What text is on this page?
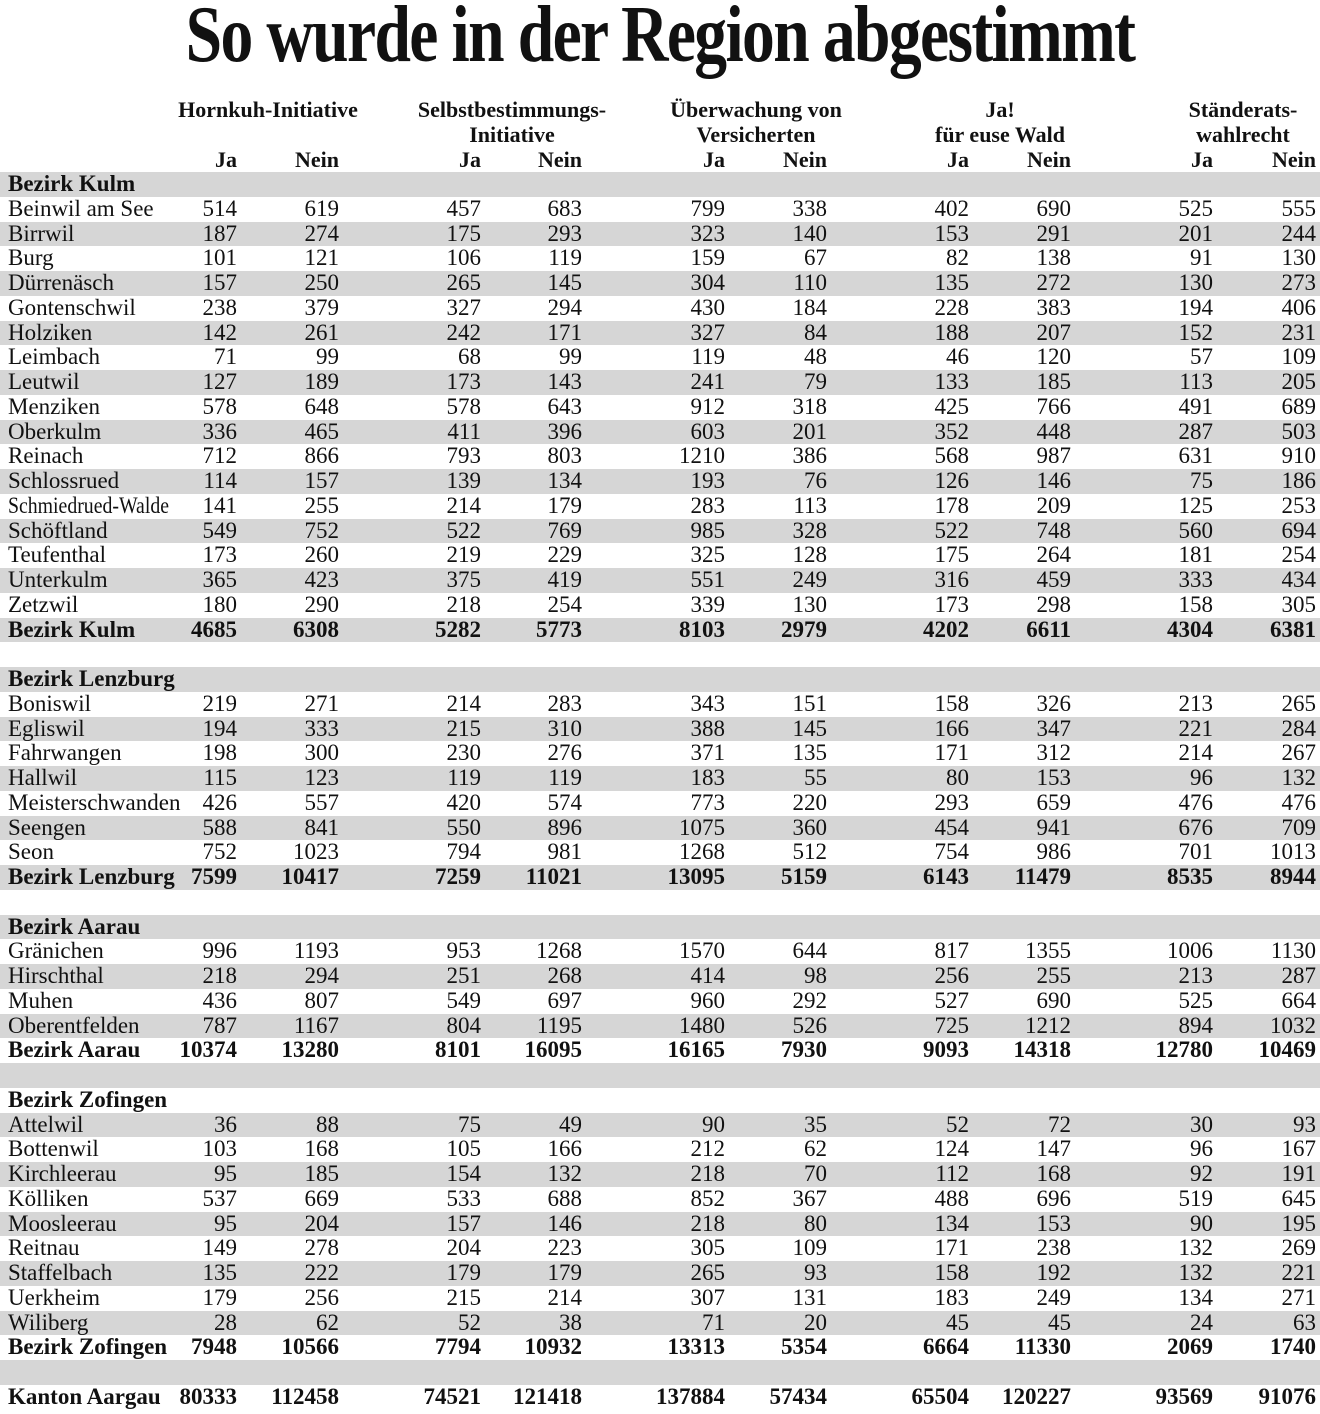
So wurde in der Region abgestimmt
Hornkuh-Initiative	Selbstbestimmungs-
Initiative
Überwachung von
Versicherten
Ja!
für euse Wald
Ständerats-
wahlrecht
Ja	Nein	Ja	Nein	Ja	Nein	Ja	Nein	Ja	Nein
Bezirk Kulm
Beinwil am See 514	619	457	683	799	338	402	690	525	555
Birrwil	187	274	175	293	323	140	153	291	201	244
Burg	101	121	106	119	159	67	82	138	91	130
Dürrenäsch	157	250	265	145	304	110	135	272	130	273
Gontenschwil	238	379	327	294	430	184	228	383	194	406
Holziken	142	261	242	171	327	84	188	207	152	231
Leimbach	71	99	68	99	119	48	46	120	57	109
Leutwil	127	189	173	143	241	79	133	185	113	205
Menziken	578	648	578	643	912	318	425	766	491	689
Oberkulm	336	465	411	396	603	201	352	448	287	503
Reinach	712	866	793	803	1210	386	568	987	631	910
Schlossrued	114	157	139	134	193	76	126	146	75	186
Schmiedrued-Walde 141	255	214	179	283	113	178	209	125	253
Schöftland	549	752	522	769	985	328	522	748	560	694
Teufenthal	173	260	219	229	325	128	175	264	181	254
Unterkulm	365	423	375	419	551	249	316	459	333	434
Zetzwil	180	290	218	254	339	130	173	298	158	305
Bezirk Kulm 4685 6308	5282 5773	8103 2979	4202 6611	4304 6381
Bezirk Lenzburg
Boniswil	219	271	214	283	343	151	158	326	213	265
Egliswil	194	333	215	310	388	145	166	347	221	284
Fahrwangen	198	300	230	276	371	135	171	312	214	267
Hallwil	115	123	119	119	183	55	80	153	96	132
Meisterschwanden 426	557	420	574	773	220	293	659	476	476
Seengen	588	841	550	896	1075	360	454	941	676	709
Seon	752 1023	794	981	1268	512	754	986	701 1013
Bezirk Lenzburg 7599 10417	7259 11021	13095 5159	6143 11479	8535 8944
Bezirk Aarau
Gränichen	996 1193	953 1268	1570	644	817 1355	1006	1130
Hirschthal	218	294	251	268	414	98	256	255	213	287
Muhen	436	807	549	697	960	292	527	690	525	664
Oberentfelden	787 1167	804 1195	1480	526	725 1212	894 1032
Bezirk Aarau 10374 13280	8101 16095	16165 7930	9093 14318	12780 10469
Bezirk Zofingen
Attelwil	36	88	75	49	90	35	52	72	30	93
Bottenwil	103	168	105	166	212	62	124	147	96	167
Kirchleerau	95	185	154	132	218	70	112	168	92	191
Kölliken	537	669	533	688	852	367	488	696	519	645
Moosleerau	95	204	157	146	218	80	134	153	90	195
Reitnau	149	278	204	223	305	109	171	238	132	269
Staffelbach	135	222	179	179	265	93	158	192	132	221
Uerkheim	179	256	215	214	307	131	183	249	134	271
Wiliberg	28	62	52	38	71	20	45	45	24	63
Bezirk Zofingen 7948 10566	7794 10932	13313 5354	6664 11330	2069 1740
Kanton Aargau 80333 112458	74521 121418	137884 57434	65504 120227	93569 91076
